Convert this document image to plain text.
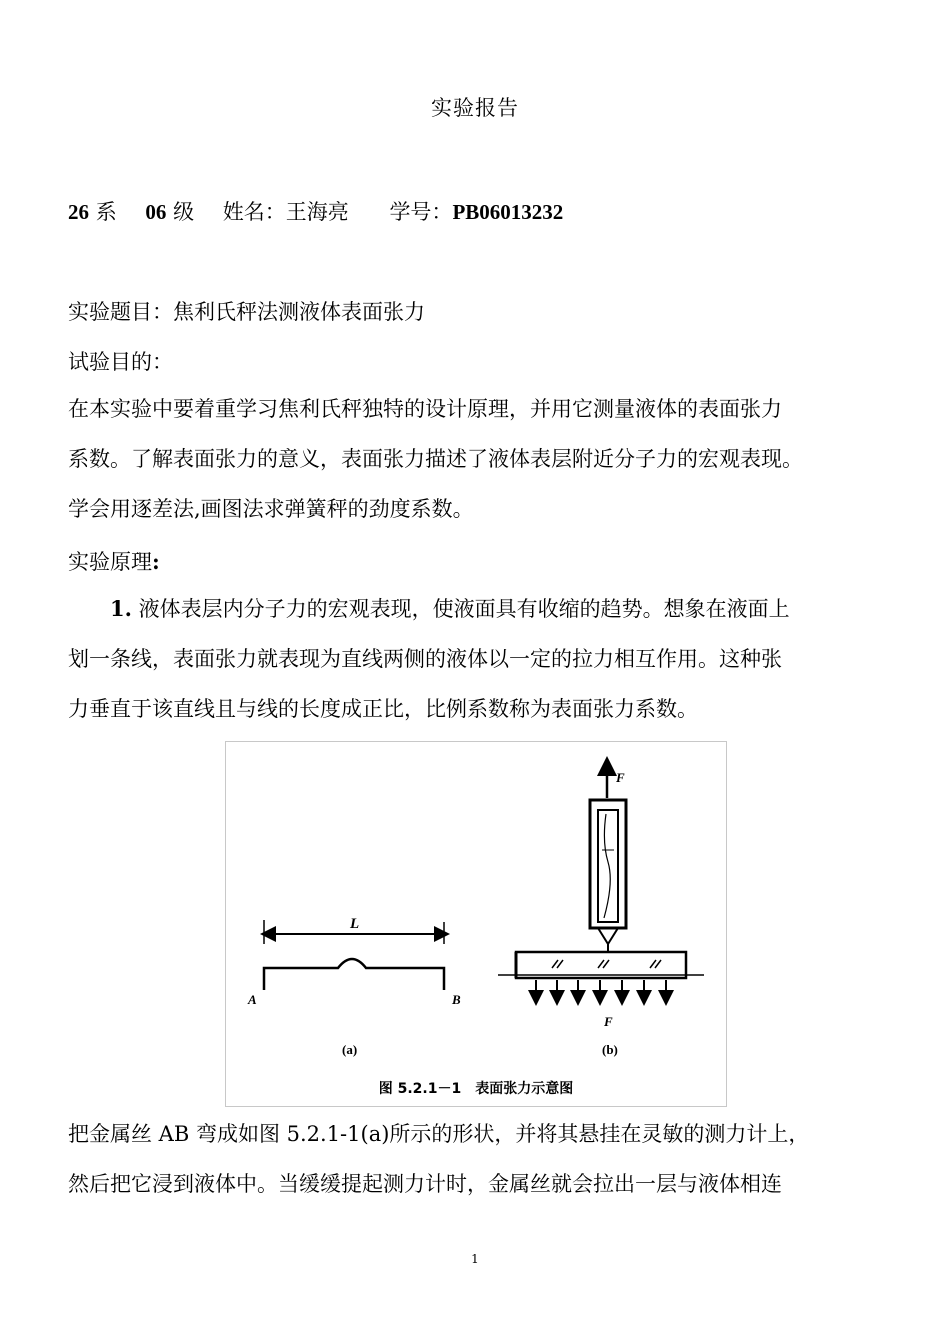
实验报告
26 系 06 级 姓名：王海亮 学号：PB06013232
实验题目：焦利氏秤法测液体表面张力
试验目的：
在本实验中要着重学习焦利氏秤独特的设计原理，并用它测量液体的表面张力
系数。了解表面张力的意义，表面张力描述了液体表层附近分子力的宏观表现。
学会用逐差法,画图法求弹簧秤的劲度系数。
实验原理:
1. 液体表层内分子力的宏观表现，使液面具有收缩的趋势。想象在液面上
划一条线，表面张力就表现为直线两侧的液体以一定的拉力相互作用。这种张
力垂直于该直线且与线的长度成正比，比例系数称为表面张力系数。
L
A	B
(a)
F
F
(b)
图 5.2.1－1　表面张力示意图
把金属丝 AB 弯成如图 5.2.1-1(a)所示的形状，并将其悬挂在灵敏的测力计上，
然后把它浸到液体中。当缓缓提起测力计时，金属丝就会拉出一层与液体相连
1
